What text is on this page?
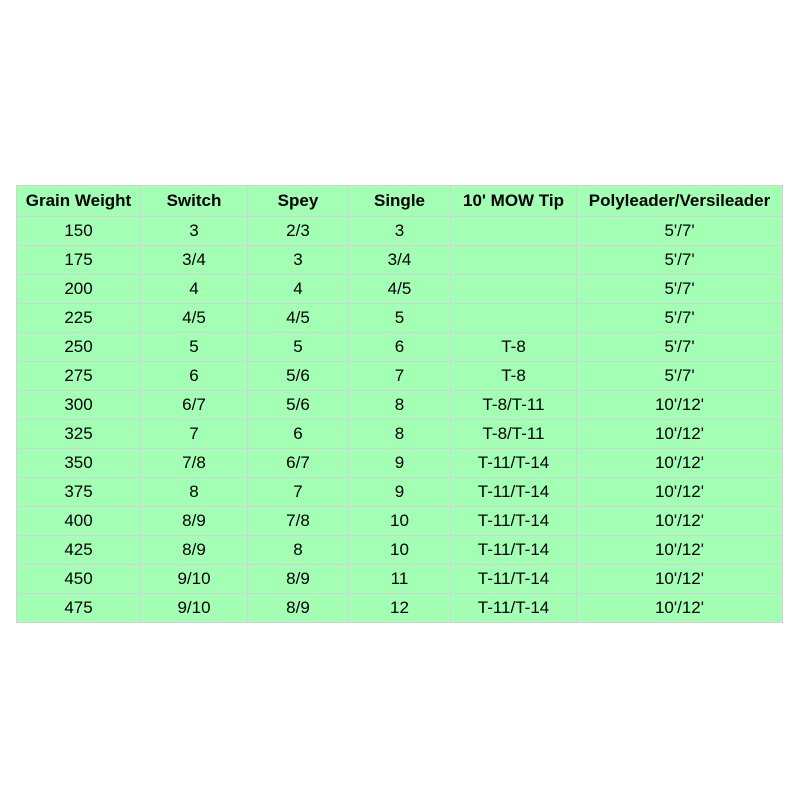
Grain Weight	Switch	Spey	Single	10' MOW Tip	Polyleader/Versileader
150	3	2/3	3		5'/7'
175	3/4	3	3/4		5'/7'
200	4	4	4/5		5'/7'
225	4/5	4/5	5		5'/7'
250	5	5	6	T-8	5'/7'
275	6	5/6	7	T-8	5'/7'
300	6/7	5/6	8	T-8/T-11	10'/12'
325	7	6	8	T-8/T-11	10'/12'
350	7/8	6/7	9	T-11/T-14	10'/12'
375	8	7	9	T-11/T-14	10'/12'
400	8/9	7/8	10	T-11/T-14	10'/12'
425	8/9	8	10	T-11/T-14	10'/12'
450	9/10	8/9	11	T-11/T-14	10'/12'
475	9/10	8/9	12	T-11/T-14	10'/12'
